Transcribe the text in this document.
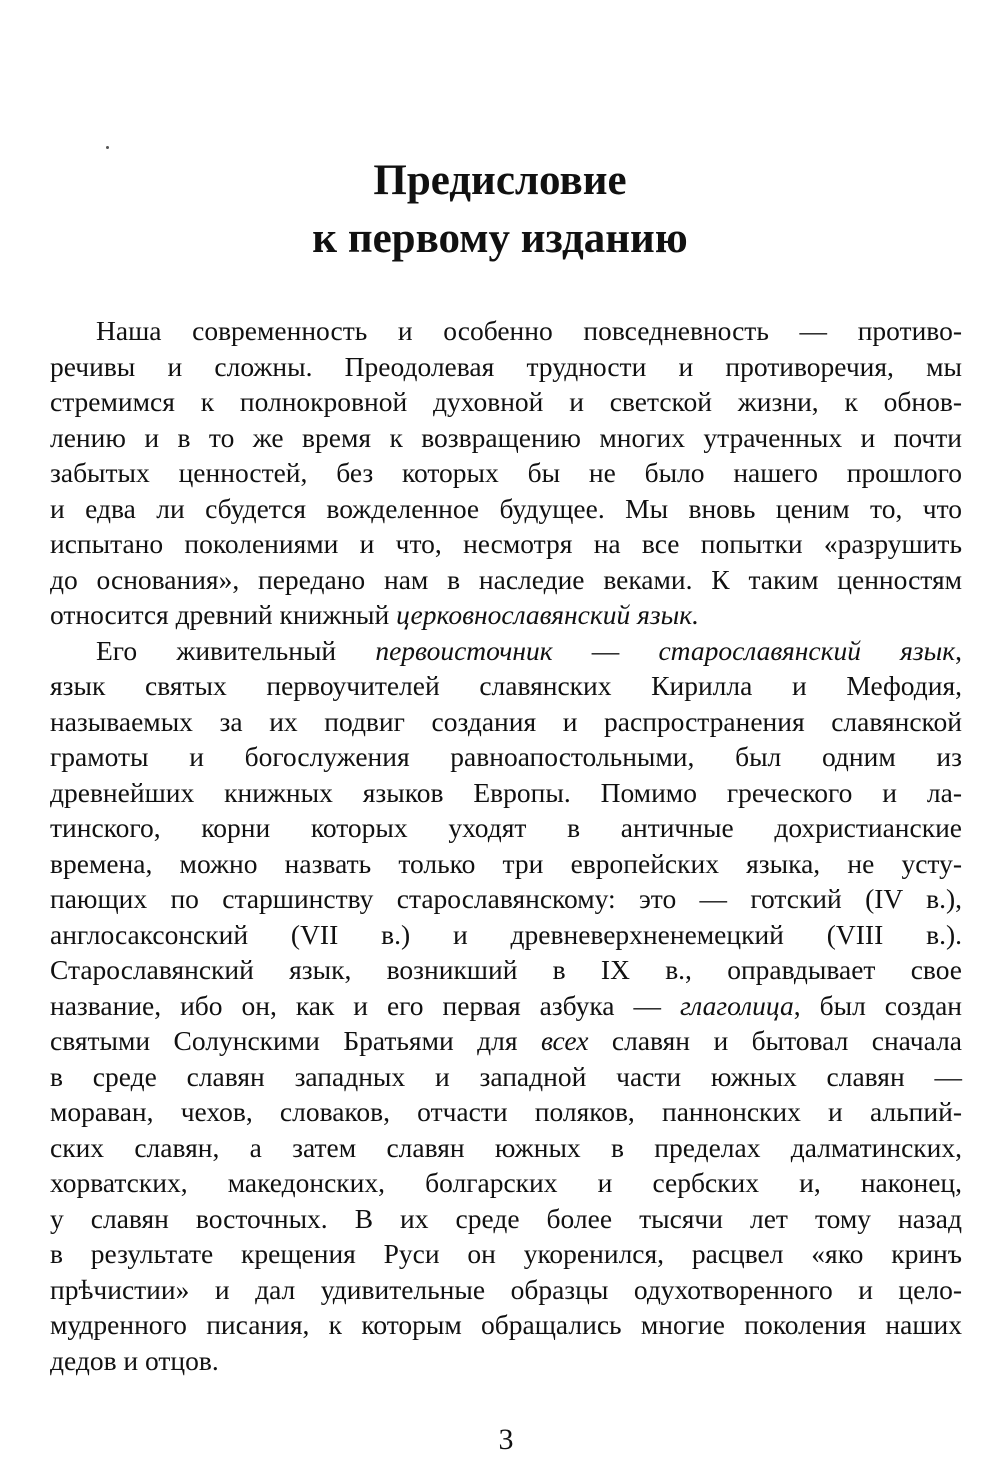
Предисловие
к первому изданию
Наша современность и особенно повседневность — противо-
речивы и сложны. Преодолевая трудности и противоречия, мы
стремимся к полнокровной духовной и светской жизни, к обнов-
лению и в то же время к возвращению многих утраченных и почти
забытых ценностей, без которых бы не было нашего прошлого
и едва ли сбудется вожделенное будущее. Мы вновь ценим то, что
испытано поколениями и что, несмотря на все попытки «разрушить
до основания», передано нам в наследие веками. К таким ценностям
относится древний книжный церковнославянский язык.
Его живительный первоисточник — старославянский язык,
язык святых первоучителей славянских Кирилла и Мефодия,
называемых за их подвиг создания и распространения славянской
грамоты и богослужения равноапостольными, был одним из
древнейших книжных языков Европы. Помимо греческого и ла-
тинского, корни которых уходят в античные дохристианские
времена, можно назвать только три европейских языка, не усту-
пающих по старшинству старославянскому: это — готский (IV в.),
англосаксонский (VII в.) и древневерхненемецкий (VIII в.).
Старославянский язык, возникший в IX в., оправдывает свое
название, ибо он, как и его первая азбука — глаголица, был создан
святыми Солунскими Братьями для всех славян и бытовал сначала
в среде славян западных и западной части южных славян —
мораван, чехов, словаков, отчасти поляков, паннонских и альпий-
ских славян, а затем славян южных в пределах далматинских,
хорватских, македонских, болгарских и сербских и, наконец,
у славян восточных. В их среде более тысячи лет тому назад
в результате крещения Руси он укоренился, расцвел «яко кринъ
прѣчистии» и дал удивительные образцы одухотворенного и цело-
мудренного писания, к которым обращались многие поколения наших
дедов и отцов.
3
